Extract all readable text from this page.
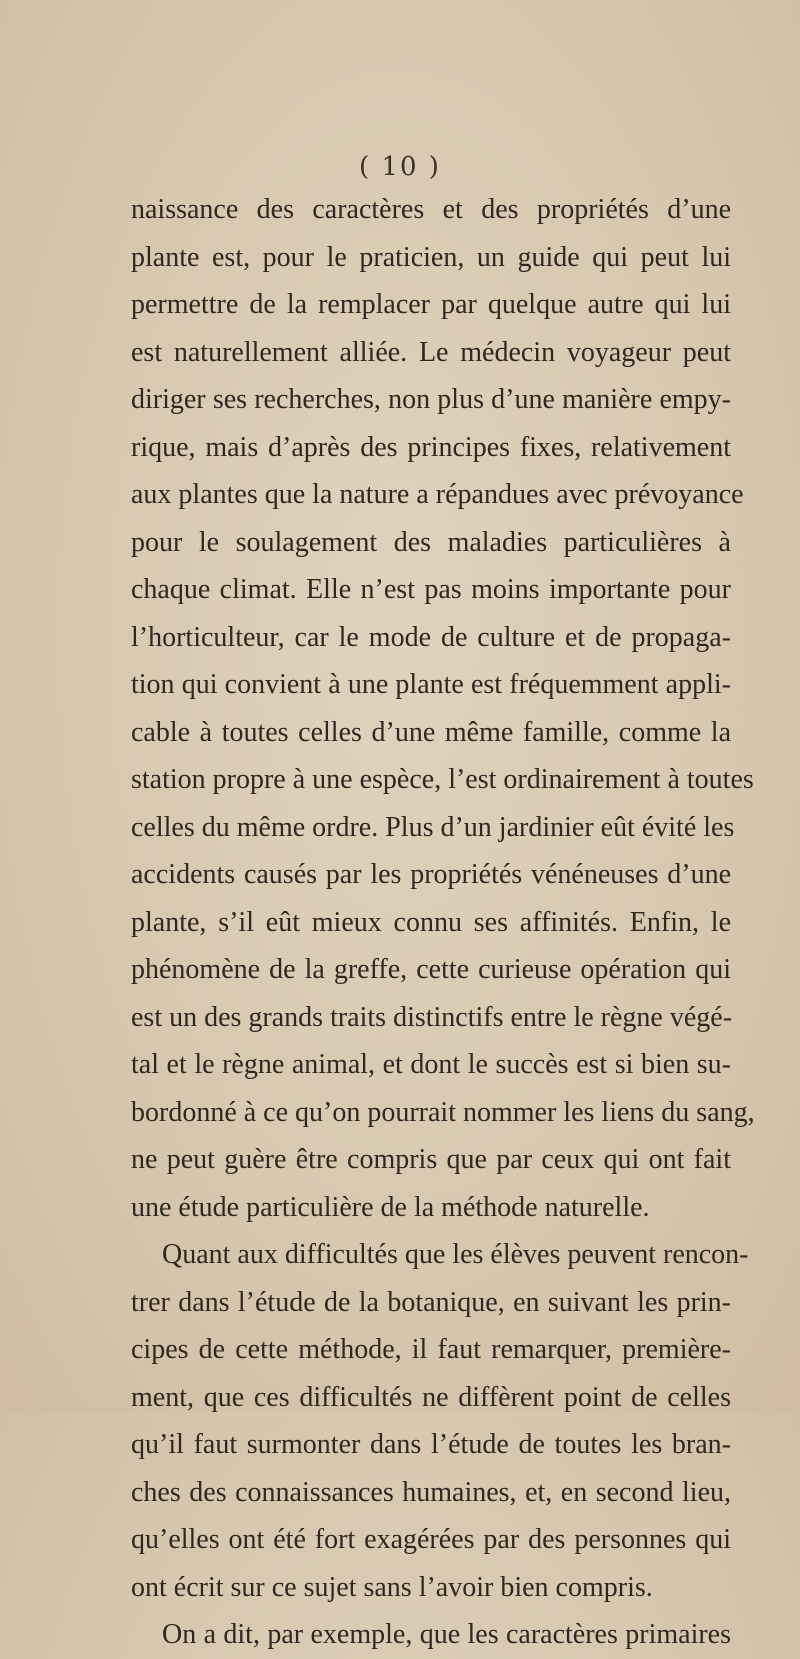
( 10 )
naissance des caractères et des propriétés d’une
plante est, pour le praticien, un guide qui peut lui
permettre de la remplacer par quelque autre qui lui
est naturellement alliée. Le médecin voyageur peut
diriger ses recherches, non plus d’une manière empy-
rique, mais d’après des principes fixes, relativement
aux plantes que la nature a répandues avec prévoyance
pour le soulagement des maladies particulières à
chaque climat. Elle n’est pas moins importante pour
l’horticulteur, car le mode de culture et de propaga-
tion qui convient à une plante est fréquemment appli-
cable à toutes celles d’une même famille, comme la
station propre à une espèce, l’est ordinairement à toutes
celles du même ordre. Plus d’un jardinier eût évité les
accidents causés par les propriétés vénéneuses d’une
plante, s’il eût mieux connu ses affinités. Enfin, le
phénomène de la greffe, cette curieuse opération qui
est un des grands traits distinctifs entre le règne végé-
tal et le règne animal, et dont le succès est si bien su-
bordonné à ce qu’on pourrait nommer les liens du sang,
ne peut guère être compris que par ceux qui ont fait
une étude particulière de la méthode naturelle.
Quant aux difficultés que les élèves peuvent rencon-
trer dans l’étude de la botanique, en suivant les prin-
cipes de cette méthode, il faut remarquer, première-
ment, que ces difficultés ne diffèrent point de celles
qu’il faut surmonter dans l’étude de toutes les bran-
ches des connaissances humaines, et, en second lieu,
qu’elles ont été fort exagérées par des personnes qui
ont écrit sur ce sujet sans l’avoir bien compris.
On a dit, par exemple, que les caractères primaires
